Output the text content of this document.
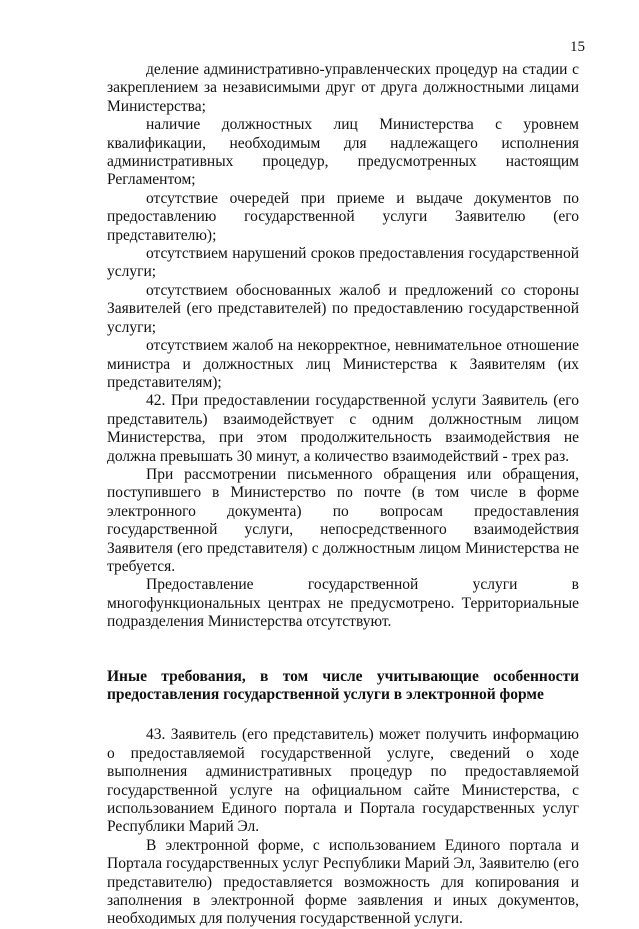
15

деление административно-управленческих процедур на стадии с закреплением за независимыми друг от друга должностными лицами Министерства;

наличие должностных лиц Министерства с уровнем квалификации, необходимым для надлежащего исполнения административных процедур, предусмотренных настоящим Регламентом;

отсутствие очередей при приеме и выдаче документов по предоставлению государственной услуги Заявителю (его представителю);

отсутствием нарушений сроков предоставления государственной услуги;

отсутствием обоснованных жалоб и предложений со стороны Заявителей (его представителей) по предоставлению государственной услуги;

отсутствием жалоб на некорректное, невнимательное отношение министра и должностных лиц Министерства к Заявителям (их представителям);

42. При предоставлении государственной услуги Заявитель (его представитель) взаимодействует с одним должностным лицом Министерства, при этом продолжительность взаимодействия не должна превышать 30 минут, а количество взаимодействий - трех раз.

При рассмотрении письменного обращения или обращения, поступившего в Министерство по почте (в том числе в форме электронного документа) по вопросам предоставления государственной услуги, непосредственного взаимодействия Заявителя (его представителя) с должностным лицом Министерства не требуется.

Предоставление государственной услуги в многофункциональных центрах не предусмотрено. Территориальные подразделения Министерства отсутствуют.

Иные требования, в том числе учитывающие особенности предоставления государственной услуги в электронной форме

43. Заявитель (его представитель) может получить информацию о предоставляемой государственной услуге, сведений о ходе выполнения административных процедур по предоставляемой государственной услуге на официальном сайте Министерства, с использованием Единого портала и Портала государственных услуг Республики Марий Эл.

В электронной форме, с использованием Единого портала и Портала государственных услуг Республики Марий Эл, Заявителю (его представителю) предоставляется возможность для копирования и заполнения в электронной форме заявления и иных документов, необходимых для получения государственной услуги.
